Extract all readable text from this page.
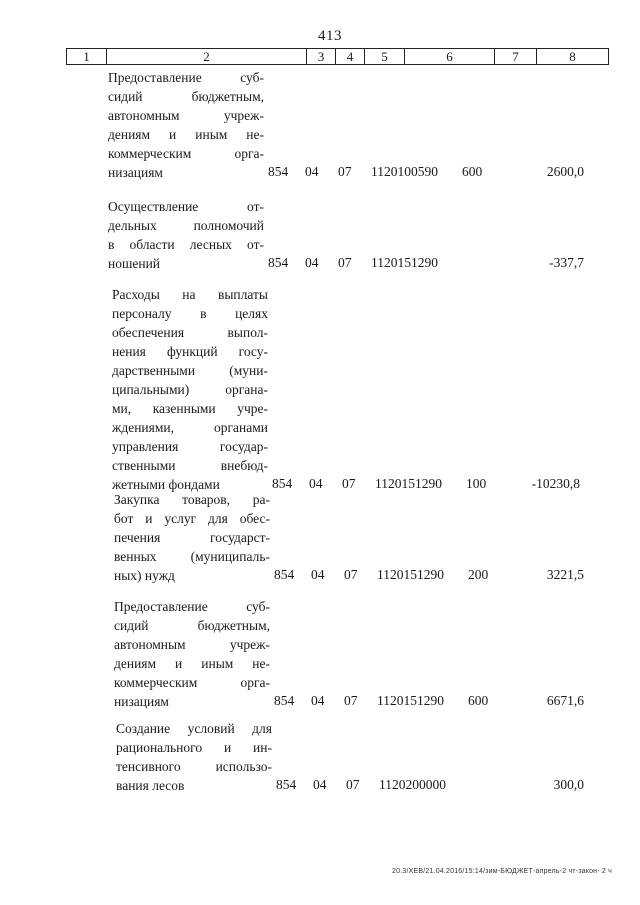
413
1	2	3	4	5	6	7	8
Предоставление суб-
сидий бюджетным,
автономным учреж-
дениям и иным не-
коммерческим орга-
низациям	854 04 07 1120100590 600	2600,0
Осуществление от-
дельных полномочий
в области лесных от-
ношений	854 04 07 1120151290	-337,7
Расходы на выплаты
персоналу в целях
обеспечения выпол-
нения функций госу-
дарственными (муни-
ципальными) органа-
ми, казенными учре-
ждениями, органами
управления государ-
ственными внебюд-
жетными фондами	854 04 07 1120151290 100	-10230,8
Закупка товаров, ра-
бот и услуг для обес-
печения государст-
венных (муниципаль-
ных) нужд	854 04 07 1120151290 200	3221,5
Предоставление суб-
сидий бюджетным,
автономным учреж-
дениям и иным не-
коммерческим орга-
низациям	854 04 07 1120151290 600	6671,6
Создание условий для
рационального и ин-
тенсивного использо-
вания лесов	854 04 07 1120200000	300,0
20.3/ХЕВ/21.04.2016/15:14/зим-БЮДЖЕТ-апрель-2 чт-закон- 2 ч
